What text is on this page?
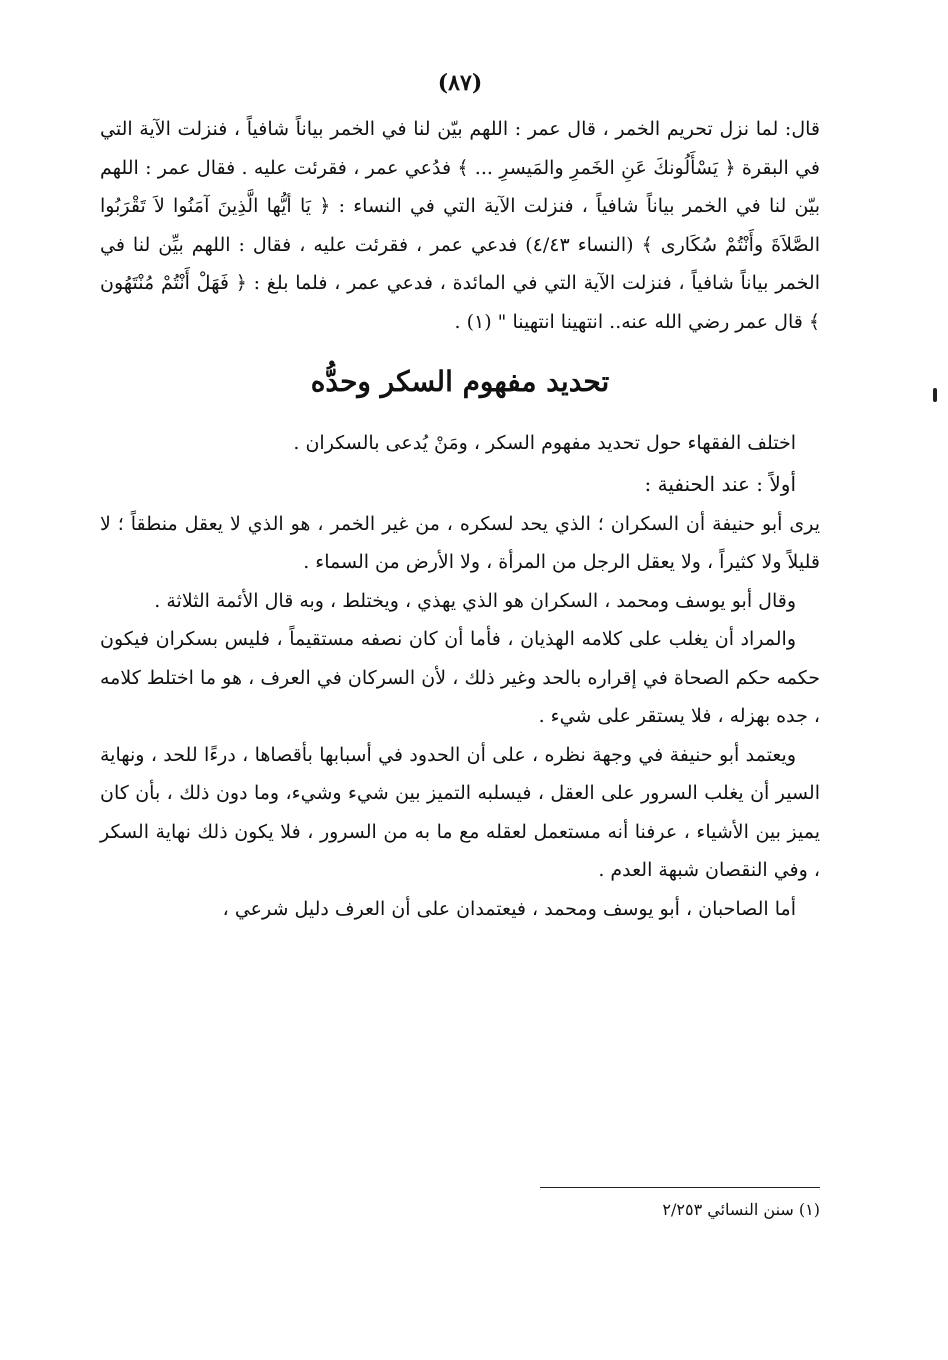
(٨٧)

قال: لما نزل تحريم الخمر ، قال عمر : اللهم بيّن لنا في الخمر بياناً شافياً ، فنزلت الآية التي في البقرة ﴿ يَسْأَلُونكَ عَنِ الخَمرِ والمَيسرِ ... ﴾ فدُعي عمر ، فقرئت عليه . فقال عمر : اللهم بيّن لنا في الخمر بياناً شافياً ، فنزلت الآية التي في النساء : ﴿ يَا أيُّها الَّذِينَ آمَنُوا لاَ تَقْرَبُوا الصَّلاَةَ وأَنْتُمْ سُكَارى ﴾ (النساء ٤/٤٣) فدعي عمر ، فقرئت عليه ، فقال : اللهم بيِّن لنا في الخمر بياناً شافياً ، فنزلت الآية التي في المائدة ، فدعي عمر ، فلما بلغ : ﴿ فَهَلْ أَنْتُمْ مُنْتَهُون ﴾ قال عمر رضي الله عنه.. انتهينا انتهينا " (١) .

تحديد مفهوم السكر وحدُّه

اختلف الفقهاء حول تحديد مفهوم السكر ، ومَنْ يُدعى بالسكران .

أولاً : عند الحنفية :

يرى أبو حنيفة أن السكران ؛ الذي يحد لسكره ، من غير الخمر ، هو الذي لا يعقل منطقاً ؛ لا قليلاً ولا كثيراً ، ولا يعقل الرجل من المرأة ، ولا الأرض من السماء .

وقال أبو يوسف ومحمد ، السكران هو الذي يهذي ، ويختلط ، وبه قال الأئمة الثلاثة .

والمراد أن يغلب على كلامه الهذيان ، فأما أن كان نصفه مستقيماً ، فليس بسكران فيكون حكمه حكم الصحاة في إقراره بالحد وغير ذلك ، لأن السركان في العرف ، هو ما اختلط كلامه ، جده بهزله ، فلا يستقر على شيء .

ويعتمد أبو حنيفة في وجهة نظره ، على أن الحدود في أسبابها بأقصاها ، درءًا للحد ، ونهاية السير أن يغلب السرور على العقل ، فيسلبه التميز بين شيء وشيء، وما دون ذلك ، بأن كان يميز بين الأشياء ، عرفنا أنه مستعمل لعقله مع ما به من السرور ، فلا يكون ذلك نهاية السكر ، وفي النقصان شبهة العدم .

أما الصاحبان ، أبو يوسف ومحمد ، فيعتمدان على أن العرف دليل شرعي ،

(١) سنن النسائي ٢/٢٥٣
